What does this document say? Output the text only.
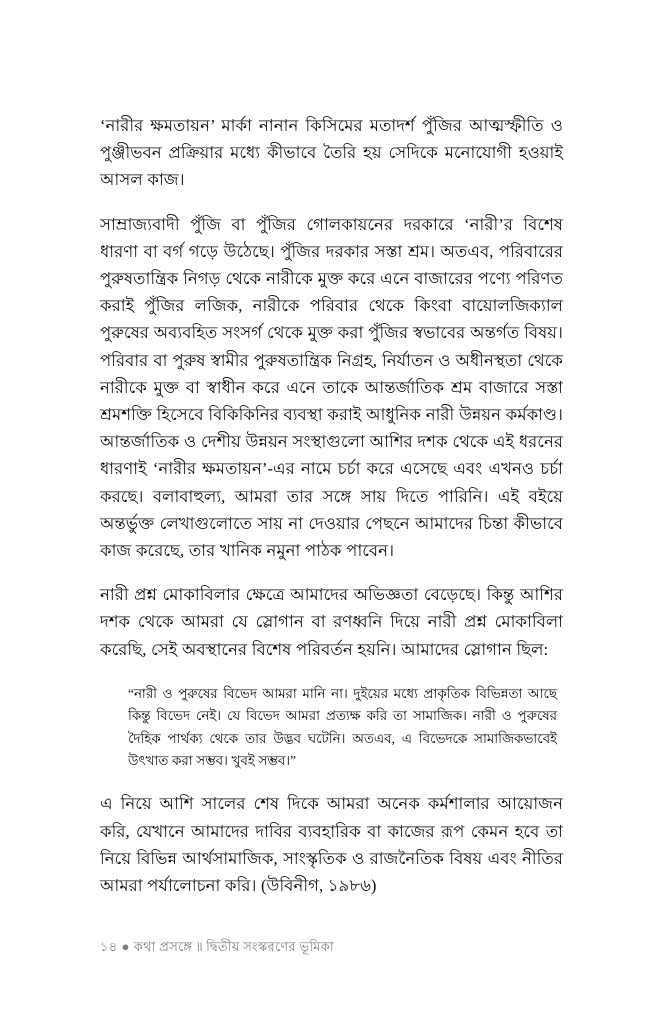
‘নারীর ক্ষমতায়ন’ মার্কা নানান কিসিমের মতাদর্শ পুঁজির আত্মস্ফীতি ও পুঞ্জীভবন প্রক্রিয়ার মধ্যে কীভাবে তৈরি হয় সেদিকে মনোযোগী হওয়াই আসল কাজ।

সাম্রাজ্যবাদী পুঁজি বা পুঁজির গোলকায়নের দরকারে ‘নারী’র বিশেষ ধারণা বা বর্গ গড়ে উঠেছে। পুঁজির দরকার সস্তা শ্রম। অতএব, পরিবারের পুরুষতান্ত্রিক নিগড় থেকে নারীকে মুক্ত করে এনে বাজারের পণ্যে পরিণত করাই পুঁজির লজিক, নারীকে পরিবার থেকে কিংবা বায়োলজিক্যাল পুরুষের অব্যবহিত সংসর্গ থেকে মুক্ত করা পুঁজির স্বভাবের অন্তর্গত বিষয়। পরিবার বা পুরুষ স্বামীর পুরুষতান্ত্রিক নিগ্রহ, নির্যাতন ও অধীনস্থতা থেকে নারীকে মুক্ত বা স্বাধীন করে এনে তাকে আন্তর্জাতিক শ্রম বাজারে সস্তা শ্রমশক্তি হিসেবে বিকিকিনির ব্যবস্থা করাই আধুনিক নারী উন্নয়ন কর্মকাণ্ড। আন্তর্জাতিক ও দেশীয় উন্নয়ন সংস্থাগুলো আশির দশক থেকে এই ধরনের ধারণাই ‘নারীর ক্ষমতায়ন’-এর নামে চর্চা করে এসেছে এবং এখনও চর্চা করছে। বলাবাহুল্য, আমরা তার সঙ্গে সায় দিতে পারিনি। এই বইয়ে অন্তর্ভুক্ত লেখাগুলোতে সায় না দেওয়ার পেছনে আমাদের চিন্তা কীভাবে কাজ করেছে, তার খানিক নমুনা পাঠক পাবেন।

নারী প্রশ্ন মোকাবিলার ক্ষেত্রে আমাদের অভিজ্ঞতা বেড়েছে। কিন্তু আশির দশক থেকে আমরা যে স্লোগান বা রণধ্বনি দিয়ে নারী প্রশ্ন মোকাবিলা করেছি, সেই অবস্থানের বিশেষ পরিবর্তন হয়নি। আমাদের স্লোগান ছিল:

“নারী ও পুরুষের বিভেদ আমরা মানি না। দুইয়ের মধ্যে প্রাকৃতিক বিভিন্নতা আছে কিন্তু বিভেদ নেই। যে বিভেদ আমরা প্রত্যক্ষ করি তা সামাজিক। নারী ও পুরুষের দৈহিক পার্থক্য থেকে তার উদ্ভব ঘটেনি। অতএব, এ বিভেদকে সামাজিকভাবেই উৎখাত করা সম্ভব। খুবই সম্ভব।”

এ নিয়ে আশি সালের শেষ দিকে আমরা অনেক কর্মশালার আয়োজন করি, যেখানে আমাদের দাবির ব্যবহারিক বা কাজের রূপ কেমন হবে তা নিয়ে বিভিন্ন আর্থসামাজিক, সাংস্কৃতিক ও রাজনৈতিক বিষয় এবং নীতির আমরা পর্যালোচনা করি। (উবিনীগ, ১৯৮৬)

১৪ ● কথা প্রসঙ্গে ॥ দ্বিতীয় সংস্করণের ভূমিকা
